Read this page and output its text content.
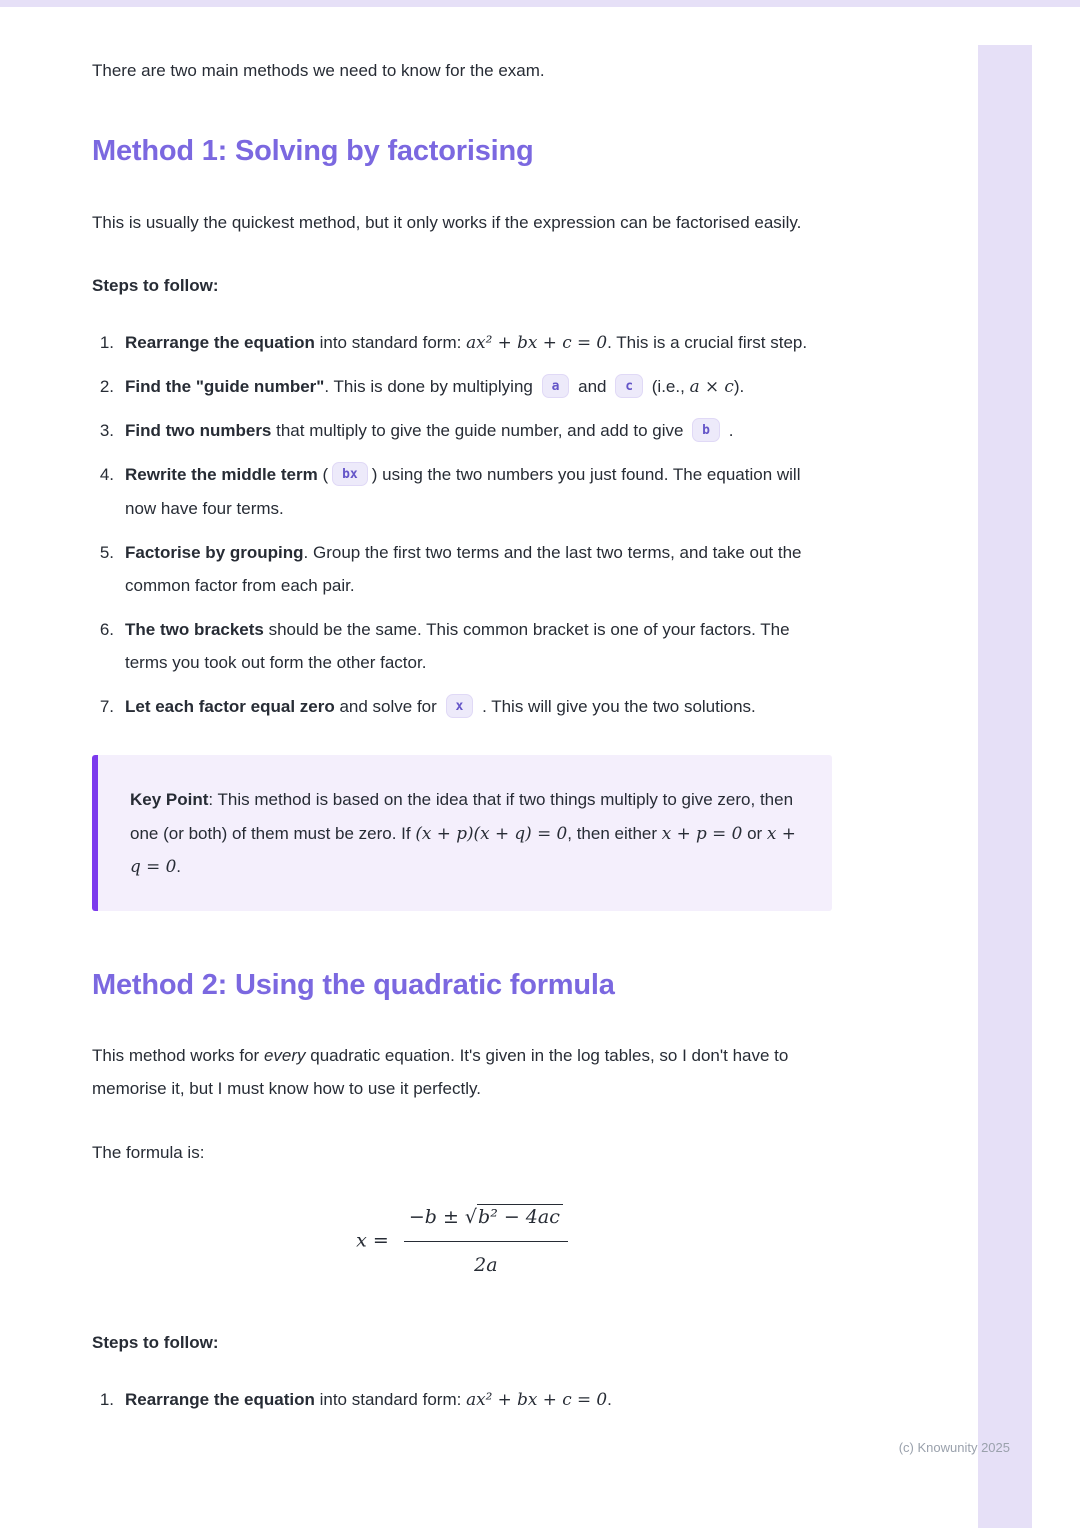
(c) Knowunity 2025

There are two main methods we need to know for the exam.

Method 1: Solving by factorising

This is usually the quickest method, but it only works if the expression can be factorised easily.

Steps to follow:

1. Rearrange the equation into standard form: ax² + bx + c = 0. This is a crucial first step.
2. Find the "guide number". This is done by multiplying a and c (i.e., a × c).
3. Find two numbers that multiply to give the guide number, and add to give b .
4. Rewrite the middle term ( bx ) using the two numbers you just found. The equation will now have four terms.
5. Factorise by grouping. Group the first two terms and the last two terms, and take out the common factor from each pair.
6. The two brackets should be the same. This common bracket is one of your factors. The terms you took out form the other factor.
7. Let each factor equal zero and solve for x . This will give you the two solutions.
Key Point: This method is based on the idea that if two things multiply to give zero, then one (or both) of them must be zero. If (x + p)(x + q) = 0, then either x + p = 0 or x + q = 0.
Method 2: Using the quadratic formula

This method works for every quadratic equation. It's given in the log tables, so I don't have to memorise it, but I must know how to use it perfectly.

The formula is:

$x = \frac{\text{−b ± √b² − 4ac}}{2a}$

Steps to follow:

1. Rearrange the equation into standard form: ax² + bx + c = 0.
